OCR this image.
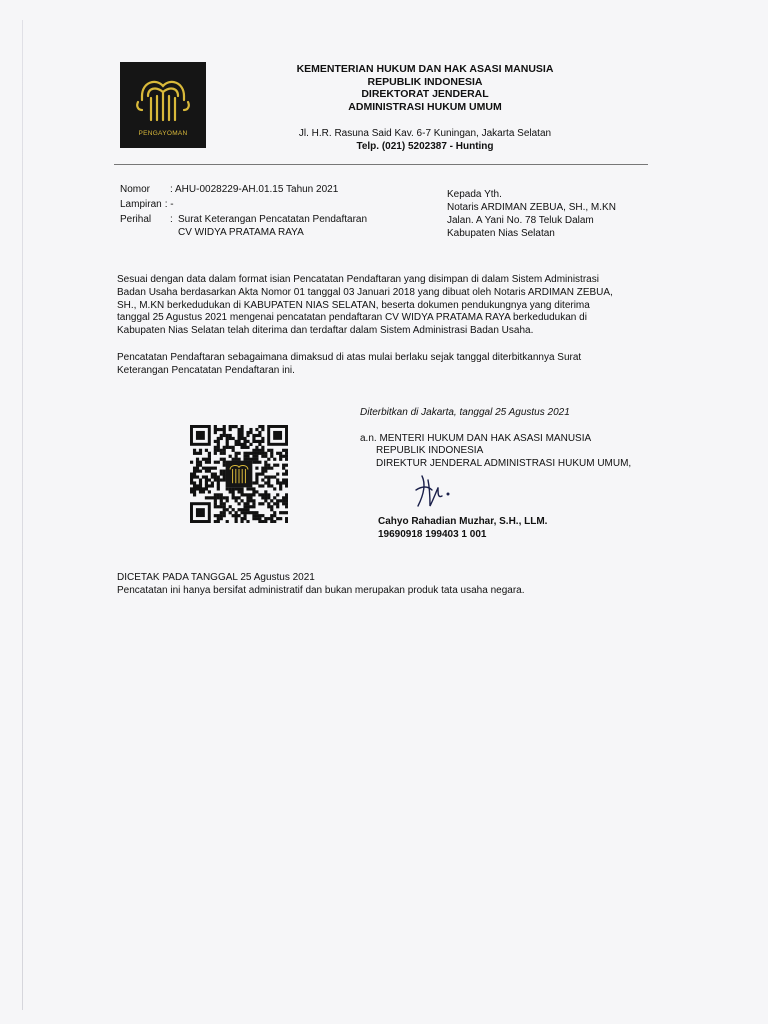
PENGAYOMAN
KEMENTERIAN HUKUM DAN HAK ASASI MANUSIA
REPUBLIK INDONESIA
DIREKTORAT JENDERAL
ADMINISTRASI HUKUM UMUM
Jl. H.R. Rasuna Said Kav. 6-7 Kuningan, Jakarta Selatan
Telp. (021) 5202387 - Hunting
Nomor	: AHU-0028229-AH.01.15 Tahun 2021
Lampiran : -
Perihal	: Surat Keterangan Pencatatan Pendaftaran
CV WIDYA PRATAMA RAYA
Kepada Yth.
Notaris ARDIMAN ZEBUA, SH., M.KN
Jalan. A Yani No. 78 Teluk Dalam
Kabupaten Nias Selatan
Sesuai dengan data dalam format isian Pencatatan Pendaftaran yang disimpan di dalam Sistem Administrasi
Badan Usaha berdasarkan Akta Nomor 01 tanggal 03 Januari 2018 yang dibuat oleh Notaris ARDIMAN ZEBUA,
SH., M.KN berkedudukan di KABUPATEN NIAS SELATAN, beserta dokumen pendukungnya yang diterima
tanggal 25 Agustus 2021 mengenai pencatatan pendaftaran CV WIDYA PRATAMA RAYA berkedudukan di
Kabupaten Nias Selatan telah diterima dan terdaftar dalam Sistem Administrasi Badan Usaha.
Pencatatan Pendaftaran sebagaimana dimaksud di atas mulai berlaku sejak tanggal diterbitkannya Surat
Keterangan Pencatatan Pendaftaran ini.
Diterbitkan di Jakarta, tanggal 25 Agustus 2021
a.n. MENTERI HUKUM DAN HAK ASASI MANUSIA
REPUBLIK INDONESIA
DIREKTUR JENDERAL ADMINISTRASI HUKUM UMUM,
Cahyo Rahadian Muzhar, S.H., LLM.
19690918 199403 1 001
DICETAK PADA TANGGAL 25 Agustus 2021
Pencatatan ini hanya bersifat administratif dan bukan merupakan produk tata usaha negara.
